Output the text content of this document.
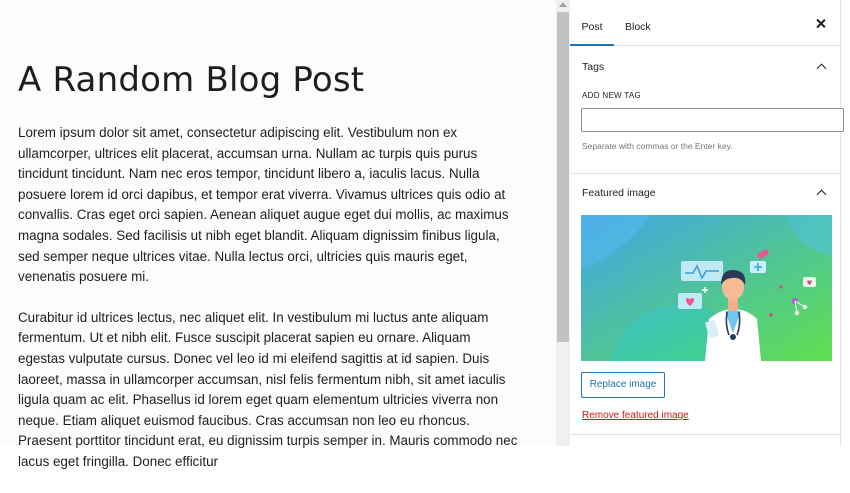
A Random Blog Post

Lorem ipsum dolor sit amet, consectetur adipiscing elit. Vestibulum non ex ullamcorper, ultrices elit placerat, accumsan urna. Nullam ac turpis quis purus tincidunt tincidunt. Nam nec eros tempor, tincidunt libero a, iaculis lacus. Nulla posuere lorem id orci dapibus, et tempor erat viverra. Vivamus ultrices quis odio at convallis. Cras eget orci sapien. Aenean aliquet augue eget dui mollis, ac maximus magna sodales. Sed facilisis ut nibh eget blandit. Aliquam dignissim finibus ligula, sed semper neque ultrices vitae. Nulla lectus orci, ultricies quis mauris eget, venenatis posuere mi.

Curabitur id ultrices lectus, nec aliquet elit. In vestibulum mi luctus ante aliquam fermentum. Ut et nibh elit. Fusce suscipit placerat sapien eu ornare. Aliquam egestas vulputate cursus. Donec vel leo id mi eleifend sagittis at id sapien. Duis laoreet, massa in ullamcorper accumsan, nisl felis fermentum nibh, sit amet iaculis ligula quam ac elit. Phasellus id lorem eget quam elementum ultricies viverra non neque. Etiam aliquet euismod faucibus. Cras accumsan non leo eu rhoncus. Praesent porttitor tincidunt erat, eu dignissim turpis semper in. Mauris commodo nec lacus eget fringilla. Donec efficitur

Post	Block
Tags
ADD NEW TAG
Separate with commas or the Enter key.
Featured image
Replace image
Remove featured image
